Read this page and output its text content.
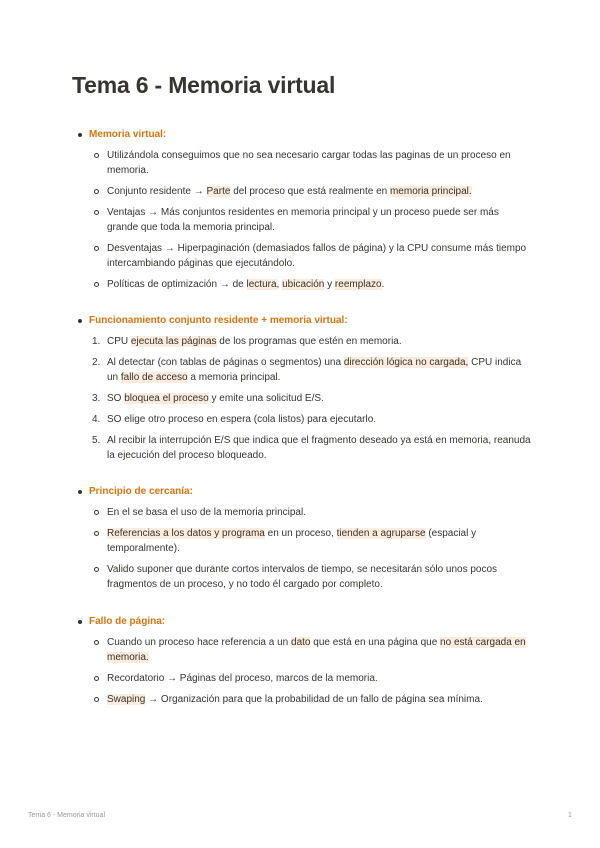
Tema 6 - Memoria virtual
Memoria virtual:
Utilizándola conseguimos que no sea necesario cargar todas las paginas de un proceso en memoria.
Conjunto residente → Parte del proceso que está realmente en memoria principal.
Ventajas → Más conjuntos residentes en memoria principal y un proceso puede ser más grande que toda la memoria principal.
Desventajas → Hiperpaginación (demasiados fallos de página) y la CPU consume más tiempo intercambiando páginas que ejecutándolo.
Políticas de optimización → de lectura, ubicación y reemplazo.
Funcionamiento conjunto residente + memoria virtual:
1. CPU ejecuta las páginas de los programas que estén en memoria.
2. Al detectar (con tablas de páginas o segmentos) una dirección lógica no cargada, CPU indica un fallo de acceso a memoria principal.
3. SO bloquea el proceso y emite una solicitud E/S.
4. SO elige otro proceso en espera (cola listos) para ejecutarlo.
5. Al recibir la interrupción E/S que indica que el fragmento deseado ya está en memoria, reanuda la ejecución del proceso bloqueado.
Principio de cercanía:
En el se basa el uso de la memoria principal.
Referencias a los datos y programa en un proceso, tienden a agruparse (espacial y temporalmente).
Valido suponer que durante cortos intervalos de tiempo, se necesitarán sólo unos pocos fragmentos de un proceso, y no todo él cargado por completo.
Fallo de página:
Cuando un proceso hace referencia a un dato que está en una página que no está cargada en memoria.
Recordatorio → Páginas del proceso, marcos de la memoria.
Swaping → Organización para que la probabilidad de un fallo de página sea mínima.
Tema 6 - Memoria virtual	1
